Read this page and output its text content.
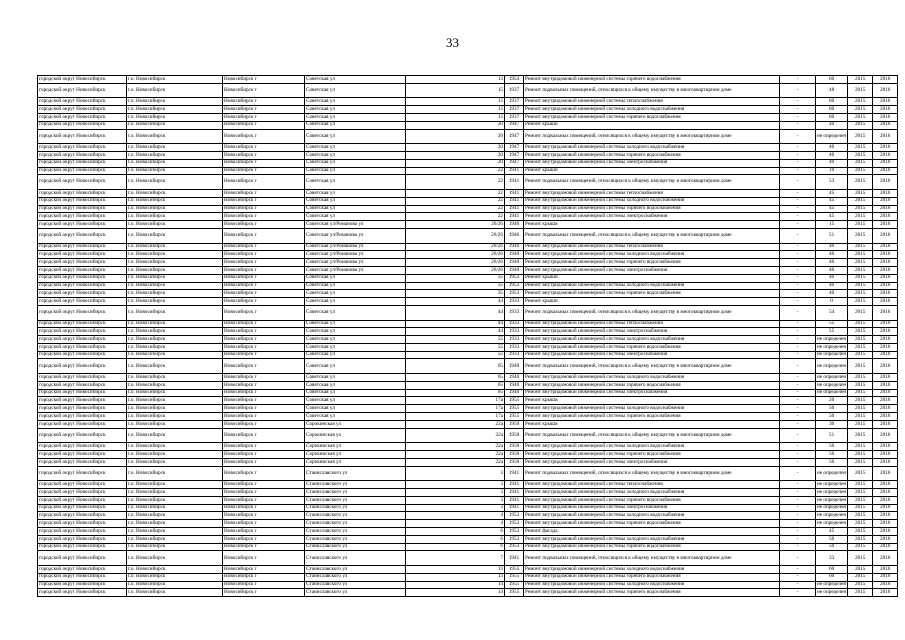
33
городской округ Новосибирск	г.о. Новосибирск	Новосибирск г	Советская ул	13	1954	Ремонт внутридомовой инженерной системы горячего водоснабжения	-	60	2015	2016
городской округ Новосибирск	г.о. Новосибирск	Новосибирск г	Советская ул	15	1937	Ремонт подвальных помещений, относящихся к общему имуществу в многоквартирном доме	-	48	2015	2016
городской округ Новосибирск	г.о. Новосибирск	Новосибирск г	Советская ул	15	1937	Ремонт внутридомовой инженерной системы теплоснабжения	-	60	2015	2016
городской округ Новосибирск	г.о. Новосибирск	Новосибирск г	Советская ул	15	1937	Ремонт внутридомовой инженерной системы холодного водоснабжения	-	60	2015	2016
городской округ Новосибирск	г.о. Новосибирск	Новосибирск г	Советская ул	15	1937	Ремонт внутридомовой инженерной системы горячего водоснабжения	-	60	2015	2016
городской округ Новосибирск	г.о. Новосибирск	Новосибирск г	Советская ул	20	1947	Ремонт крыши	-	40	2015	2016
городской округ Новосибирск	г.о. Новосибирск	Новосибирск г	Советская ул	20	1947	Ремонт подвальных помещений, относящихся к общему имуществу в многоквартирном доме	-	не определен	2015	2016
городской округ Новосибирск	г.о. Новосибирск	Новосибирск г	Советская ул	20	1947	Ремонт внутридомовой инженерной системы холодного водоснабжения	-	40	2015	2016
городской округ Новосибирск	г.о. Новосибирск	Новосибирск г	Советская ул	20	1947	Ремонт внутридомовой инженерной системы горячего водоснабжения	-	40	2015	2016
городской округ Новосибирск	г.о. Новосибирск	Новосибирск г	Советская ул	20	1947	Ремонт внутридомовой инженерной системы электроснабжения	-	40	2015	2016
городской округ Новосибирск	г.о. Новосибирск	Новосибирск г	Советская ул	22	1941	Ремонт крыши	-	10	2015	2016
городской округ Новосибирск	г.о. Новосибирск	Новосибирск г	Советская ул	22	1941	Ремонт подвальных помещений, относящихся к общему имуществу в многоквартирном доме	-	53	2015	2016
городской округ Новосибирск	г.о. Новосибирск	Новосибирск г	Советская ул	22	1941	Ремонт внутридомовой инженерной системы теплоснабжения	-	45	2015	2016
городской округ Новосибирск	г.о. Новосибирск	Новосибирск г	Советская ул	22	1941	Ремонт внутридомовой инженерной системы холодного водоснабжения	-	45	2015	2016
городской округ Новосибирск	г.о. Новосибирск	Новосибирск г	Советская ул	22	1941	Ремонт внутридомовой инженерной системы горячего водоснабжения	-	45	2015	2016
городской округ Новосибирск	г.о. Новосибирск	Новосибирск г	Советская ул	22	1941	Ремонт внутридомовой инженерной системы электроснабжения	-	45	2015	2016
городской округ Новосибирск	г.о. Новосибирск	Новосибирск г	Советская ул/Романова ул	26/26	1940	Ремонт крыши	-	15	2015	2016
городской округ Новосибирск	г.о. Новосибирск	Новосибирск г	Советская ул/Романова ул	26/26	1946	Ремонт подвальных помещений, относящихся к общему имуществу в многоквартирном доме	-	51	2015	2016
городской округ Новосибирск	г.о. Новосибирск	Новосибирск г	Советская ул/Романова ул	26/26	1940	Ремонт внутридомовой инженерной системы теплоснабжения	-	40	2015	2016
городской округ Новосибирск	г.о. Новосибирск	Новосибирск г	Советская ул/Романова ул	26/26	1940	Ремонт внутридомовой инженерной системы холодного водоснабжения	-	40	2015	2016
городской округ Новосибирск	г.о. Новосибирск	Новосибирск г	Советская ул/Романова ул	26/26	1940	Ремонт внутридомовой инженерной системы горячего водоснабжения	-	40	2015	2016
городской округ Новосибирск	г.о. Новосибирск	Новосибирск г	Советская ул/Романова ул	26/26	1940	Ремонт внутридомовой инженерной системы электроснабжения	-	40	2015	2016
городской округ Новосибирск	г.о. Новосибирск	Новосибирск г	Советская ул	35	1953	Ремонт крыши	-	40	2015	2016
городской округ Новосибирск	г.о. Новосибирск	Новосибирск г	Советская ул	35	1953	Ремонт внутридомовой инженерной системы холодного водоснабжения	-	40	2015	2016
городской округ Новосибирск	г.о. Новосибирск	Новосибирск г	Советская ул	35	1953	Ремонт внутридомовой инженерной системы горячего водоснабжения	-	40	2015	2016
городской округ Новосибирск	г.о. Новосибирск	Новосибирск г	Советская ул	44	1933	Ремонт крыши	-	0	2015	2016
городской округ Новосибирск	г.о. Новосибирск	Новосибирск г	Советская ул	44	1933	Ремонт подвальных помещений, относящихся к общему имуществу в многоквартирном доме	-	54	2015	2016
городской округ Новосибирск	г.о. Новосибирск	Новосибирск г	Советская ул	44	1933	Ремонт внутридомовой инженерной системы теплоснабжения	-	55	2015	2016
городской округ Новосибирск	г.о. Новосибирск	Новосибирск г	Советская ул	44	1933	Ремонт внутридомовой инженерной системы электроснабжения	-	55	2015	2016
городской округ Новосибирск	г.о. Новосибирск	Новосибирск г	Советская ул	55	1933	Ремонт внутридомовой инженерной системы холодного водоснабжения	-	не определен	2015	2016
городской округ Новосибирск	г.о. Новосибирск	Новосибирск г	Советская ул	55	1933	Ремонт внутридомовой инженерной системы горячего водоснабжения	-	не определен	2015	2016
городской округ Новосибирск	г.о. Новосибирск	Новосибирск г	Советская ул	55	1933	Ремонт внутридомовой инженерной системы электроснабжения	-	не определен	2015	2016
городской округ Новосибирск	г.о. Новосибирск	Новосибирск г	Советская ул	65	1940	Ремонт подвальных помещений, относящихся к общему имуществу в многоквартирном доме	-	не определен	2015	2016
городской округ Новосибирск	г.о. Новосибирск	Новосибирск г	Советская ул	65	1940	Ремонт внутридомовой инженерной системы холодного водоснабжения	-	не определен	2015	2016
городской округ Новосибирск	г.о. Новосибирск	Новосибирск г	Советская ул	65	1940	Ремонт внутридомовой инженерной системы горячего водоснабжения	-	не определен	2015	2016
городской округ Новосибирск	г.о. Новосибирск	Новосибирск г	Советская ул	65	1940	Ремонт внутридомовой инженерной системы электроснабжения	-	не определен	2015	2016
городской округ Новосибирск	г.о. Новосибирск	Новосибирск г	Советская ул	17а	1955	Ремонт крыши	-	20	2015	2016
городской округ Новосибирск	г.о. Новосибирск	Новосибирск г	Советская ул	17а	1955	Ремонт внутридомовой инженерной системы холодного водоснабжения	-	50	2015	2016
городской округ Новосибирск	г.о. Новосибирск	Новосибирск г	Советская ул	17а	1955	Ремонт внутридомовой инженерной системы горячего водоснабжения	-	50	2015	2016
городской округ Новосибирск	г.о. Новосибирск	Новосибирск г	Сорокинская ул	22а	1950	Ремонт крыши	-	30	2015	2016
городской округ Новосибирск	г.о. Новосибирск	Новосибирск г	Сорокинская ул	22а	1950	Ремонт подвальных помещений, относящихся к общему имуществу в многоквартирном доме	-	51	2015	2016
городской округ Новосибирск	г.о. Новосибирск	Новосибирск г	Сорокинская ул	22а	1950	Ремонт внутридомовой инженерной системы холодного водоснабжения	-	50	2015	2016
городской округ Новосибирск	г.о. Новосибирск	Новосибирск г	Сорокинская ул	22а	1950	Ремонт внутридомовой инженерной системы горячего водоснабжения	-	50	2015	2016
городской округ Новосибирск	г.о. Новосибирск	Новосибирск г	Сорокинская ул	22а	1950	Ремонт внутридомовой инженерной системы электроснабжения	-	50	2015	2016
городской округ Новосибирск	г.о. Новосибирск	Новосибирск г	Станиславского ул	3	1941	Ремонт подвальных помещений, относящихся к общему имуществу в многоквартирном доме	-	не определен	2015	2016
городской округ Новосибирск	г.о. Новосибирск	Новосибирск г	Станиславского ул	3	1941	Ремонт внутридомовой инженерной системы теплоснабжения	-	не определен	2015	2016
городской округ Новосибирск	г.о. Новосибирск	Новосибирск г	Станиславского ул	3	1941	Ремонт внутридомовой инженерной системы холодного водоснабжения	-	не определен	2015	2016
городской округ Новосибирск	г.о. Новосибирск	Новосибирск г	Станиславского ул	3	1941	Ремонт внутридомовой инженерной системы горячего водоснабжения	-	не определен	2015	2016
городской округ Новосибирск	г.о. Новосибирск	Новосибирск г	Станиславского ул	3	1941	Ремонт внутридомовой инженерной системы электроснабжения	-	не определен	2015	2016
городской округ Новосибирск	г.о. Новосибирск	Новосибирск г	Станиславского ул	4	1953	Ремонт внутридомовой инженерной системы холодного водоснабжения	-	не определен	2015	2016
городской округ Новосибирск	г.о. Новосибирск	Новосибирск г	Станиславского ул	4	1953	Ремонт внутридомовой инженерной системы горячего водоснабжения	-	не определен	2015	2016
городской округ Новосибирск	г.о. Новосибирск	Новосибирск г	Станиславского ул	6	1953	Ремонт фасада	-	45	2015	2016
городской округ Новосибирск	г.о. Новосибирск	Новосибирск г	Станиславского ул	6	1953	Ремонт внутридомовой инженерной системы холодного водоснабжения	-	50	2015	2016
городской округ Новосибирск	г.о. Новосибирск	Новосибирск г	Станиславского ул	6	1953	Ремонт внутридомовой инженерной системы горячего водоснабжения	-	50	2015	2016
городской округ Новосибирск	г.о. Новосибирск	Новосибирск г	Станиславского ул	7	1941	Ремонт подвальных помещений, относящихся к общему имуществу в многоквартирном доме	-	33	2015	2016
городской округ Новосибирск	г.о. Новосибирск	Новосибирск г	Станиславского ул	13	1955	Ремонт внутридомовой инженерной системы холодного водоснабжения	-	60	2015	2016
городской округ Новосибирск	г.о. Новосибирск	Новосибирск г	Станиславского ул	13	1955	Ремонт внутридомовой инженерной системы горячего водоснабжения	-	60	2015	2016
городской округ Новосибирск	г.о. Новосибирск	Новосибирск г	Станиславского ул	14	1955	Ремонт внутридомовой инженерной системы холодного водоснабжения	-	не определен	2015	2016
городской округ Новосибирск	г.о. Новосибирск	Новосибирск г	Станиславского ул	14	1955	Ремонт внутридомовой инженерной системы горячего водоснабжения	-	не определен	2015	2016
